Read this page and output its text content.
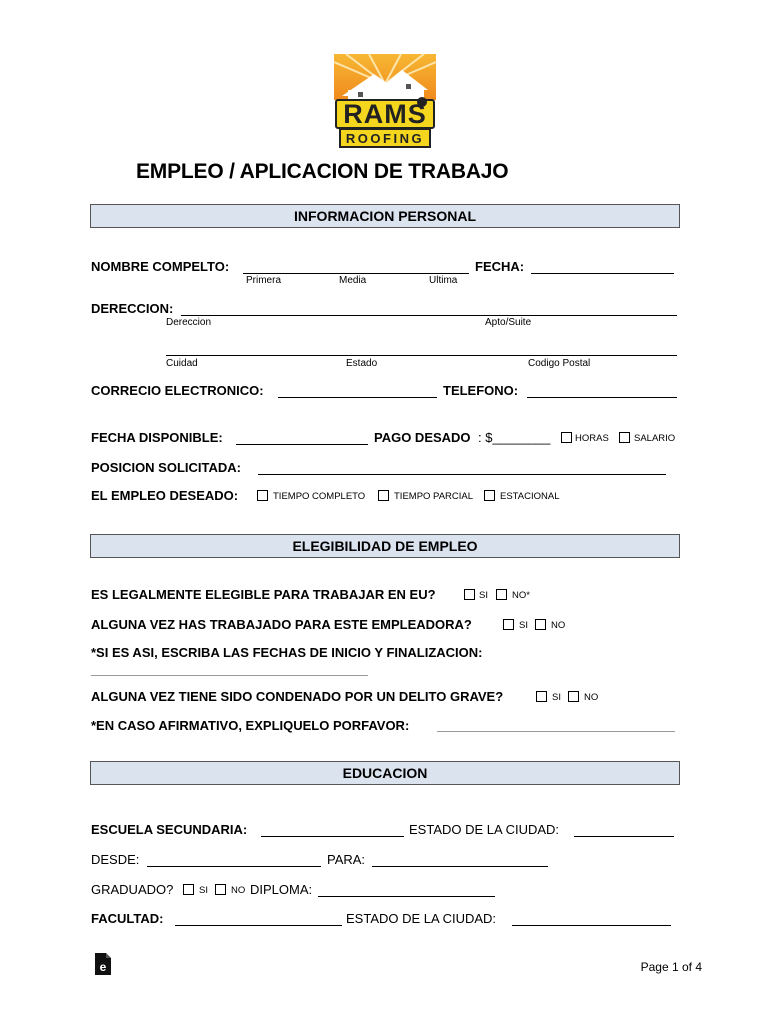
RAMS
ROOFING
EMPLEO / APLICACION DE TRABAJO
INFORMACION PERSONAL
NOMBRE COMPELTO:
Primera	Media	Ultima
FECHA:
DERECCION:
Dereccion	Apto/Suite
Cuidad	Estado	Codigo Postal
CORRECIO ELECTRONICO:	TELEFONO:
FECHA DISPONIBLE:	PAGO DESADO : $________	HORAS	SALARIO
POSICION SOLICITADA:
EL EMPLEO DESEADO:	TIEMPO COMPLETO	TIEMPO PARCIAL	ESTACIONAL
ELEGIBILIDAD DE EMPLEO
ES LEGALMENTE ELEGIBLE PARA TRABAJAR EN EU?	SI	NO*
ALGUNA VEZ HAS TRABAJADO PARA ESTE EMPLEADORA?	SI NO
*SI ES ASI, ESCRIBA LAS FECHAS DE INICIO Y FINALIZACION:
ALGUNA VEZ TIENE SIDO CONDENADO POR UN DELITO GRAVE?	SI NO
*EN CASO AFIRMATIVO, EXPLIQUELO PORFAVOR:
EDUCACION
ESCUELA SECUNDARIA:	ESTADO DE LA CIUDAD:
DESDE:	PARA:
GRADUADO?	SI NO DIPLOMA:
FACULTAD:	ESTADO DE LA CIUDAD:
e	Page 1 of 4
